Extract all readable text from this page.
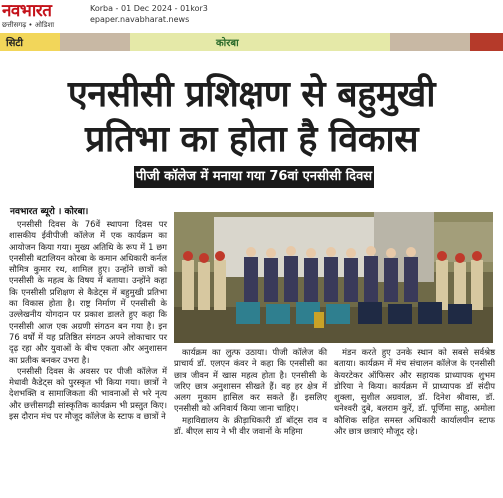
नवभारत
छत्तीसगढ़ • ओडिशा
Korba - 01 Dec 2024 - 01kor3
epaper.navabharat.news
सिटी	कोरबा
एनसीसी प्रशिक्षण से बहुमुखी
प्रतिभा का होता है विकास
पीजी कॉलेज में मनाया गया 76वां एनसीसी दिवस
नवभारत ब्यूरो । कोरबा।

एनसीसी दिवस के 76वें स्थापना दिवस पर शासकीय ईवीपीजी कॉलेज में एक कार्यक्रम का आयोजन किया गया। मुख्य अतिथि के रूप में 1 छग एनसीसी बटालियन कोरबा के कमान अधिकारी कर्नल सौमित्र कुमार रथ, शामिल हुए। उन्होंने छात्रों को एनसीसी के महत्व के विषय में बताया। उन्होंने कहा कि एनसीसी प्रशिक्षण से कैडेट्स में बहुमुखी प्रतिभा का विकास होता है। राष्ट्र निर्माण में एनसीसी के उल्लेखनीय योगदान पर प्रकाश डालते हुए कहा कि एनसीसी आज एक अग्रणी संगठन बन गया है। इन 76 वर्षों में यह प्रतिष्ठित संगठन अपने लोकाचार पर दृढ़ रहा और युवाओं के बीच एकता और अनुशासन का प्रतीक बनकर उभरा है।

एनसीसी दिवस के अवसर पर पीजी कॉलेज में मेधावी कैडेट्स को पुरस्कृत भी किया गया। छात्रों ने देशभक्ति व सामाजिकता की भावनाओं से भरे नृत्य और छत्तीसगढ़ी सांस्कृतिक कार्यक्रम भी प्रस्तुत किए। इस दौरान मंच पर मौजूद कॉलेज के स्टाफ व छात्रों ने

कार्यक्रम का लुत्फ उठाया। पीजी कॉलेज की प्राचार्य डॉ. एलएन कंवर ने कहा कि एनसीसी का छात्र जीवन में खास महत्व होता है। एनसीसी के जरिए छात्र अनुशासन सीखते हैं। वह हर क्षेत्र में अलग मुकाम हासिल कर सकते हैं। इसलिए एनसीसी को अनिवार्य किया जाना चाहिए।

महाविद्यालय के क्रीड़ाधिकारी डॉ बॉट्स राव व डॉ. बीएल साय ने भी वीर जवानों के महिमा

मंडन करते हुए उनके स्थान को सबसे सर्वश्रेष्ठ बताया। कार्यक्रम में मंच संचालन कॉलेज के एनसीसी केयरटेकर ऑफिसर और सहायक प्राध्यापक शुभम डोरिया ने किया। कार्यक्रम में प्राध्यापक डॉ संदीप शुक्ला, सुशील अग्रवाल, डॉ. दिनेश श्रीवास, डॉ. धनेश्वरी दुबे, बलराम कुर्रे, डॉ. पूर्णिमा साहू, अमोला कौशिक सहित समस्त अधिकारी कार्यालयीन स्टाफ और छात्र छात्राएं मौजूद रहे।
